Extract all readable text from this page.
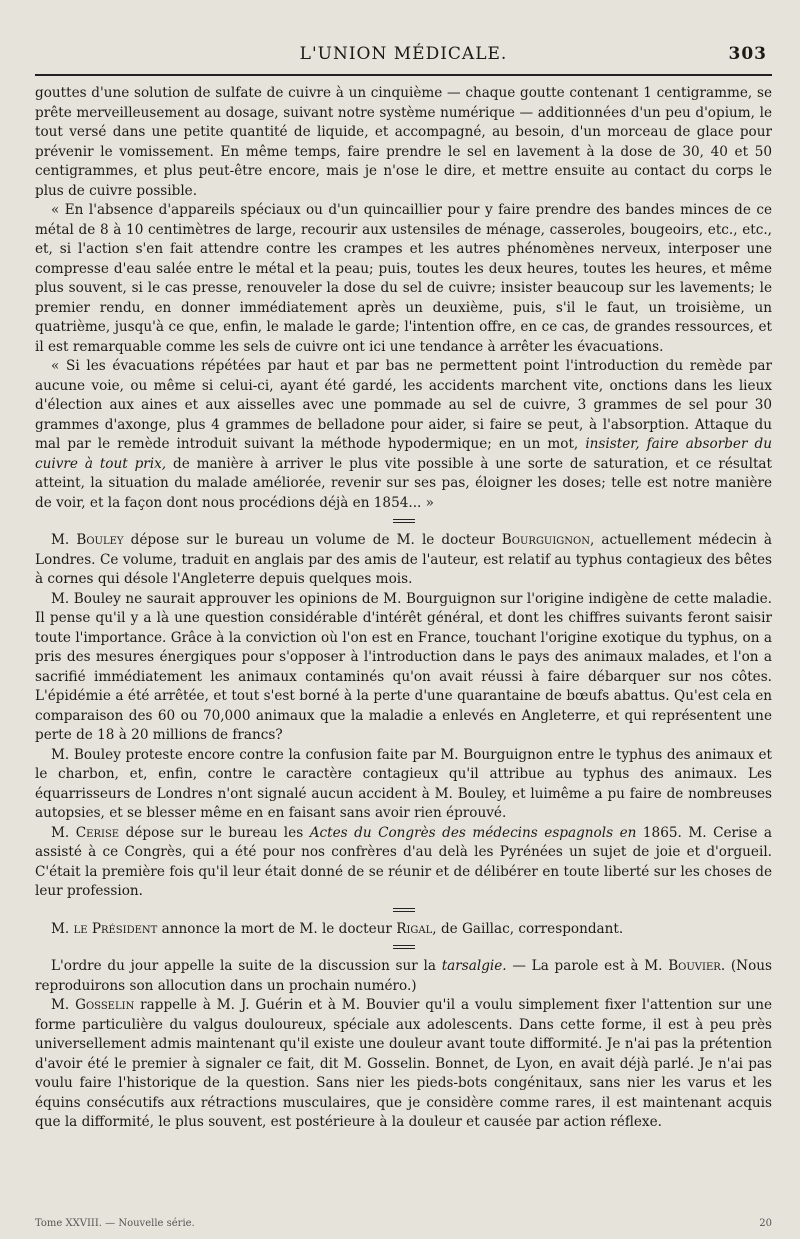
L'UNION MÉDICALE.	303

gouttes d'une solution de sulfate de cuivre à un cinquième — chaque goutte contenant 1 centigramme, se prête merveilleusement au dosage, suivant notre système numérique — additionnées d'un peu d'opium, le tout versé dans une petite quantité de liquide, et accompagné, au besoin, d'un morceau de glace pour prévenir le vomissement. En même temps, faire prendre le sel en lavement à la dose de 30, 40 et 50 centigrammes, et plus peut-être encore, mais je n'ose le dire, et mettre ensuite au contact du corps le plus de cuivre possible.

« En l'absence d'appareils spéciaux ou d'un quincaillier pour y faire prendre des bandes minces de ce métal de 8 à 10 centimètres de large, recourir aux ustensiles de ménage, casseroles, bougeoirs, etc., etc., et, si l'action s'en fait attendre contre les crampes et les autres phénomènes nerveux, interposer une compresse d'eau salée entre le métal et la peau; puis, toutes les deux heures, toutes les heures, et même plus souvent, si le cas presse, renouveler la dose du sel de cuivre; insister beaucoup sur les lavements; le premier rendu, en donner immédiatement après un deuxième, puis, s'il le faut, un troisième, un quatrième, jusqu'à ce que, enfin, le malade le garde; l'intention offre, en ce cas, de grandes ressources, et il est remarquable comme les sels de cuivre ont ici une tendance à arrêter les évacuations.

« Si les évacuations répétées par haut et par bas ne permettent point l'introduction du remède par aucune voie, ou même si celui-ci, ayant été gardé, les accidents marchent vite, onctions dans les lieux d'élection aux aines et aux aisselles avec une pommade au sel de cuivre, 3 grammes de sel pour 30 grammes d'axonge, plus 4 grammes de belladone pour aider, si faire se peut, à l'absorption. Attaque du mal par le remède introduit suivant la méthode hypodermique; en un mot, insister, faire absorber du cuivre à tout prix, de manière à arriver le plus vite possible à une sorte de saturation, et ce résultat atteint, la situation du malade améliorée, revenir sur ses pas, éloigner les doses; telle est notre manière de voir, et la façon dont nous procédions déjà en 1854... »

M. Bouley dépose sur le bureau un volume de M. le docteur Bourguignon, actuellement médecin à Londres. Ce volume, traduit en anglais par des amis de l'auteur, est relatif au typhus contagieux des bêtes à cornes qui désole l'Angleterre depuis quelques mois.

M. Bouley ne saurait approuver les opinions de M. Bourguignon sur l'origine indigène de cette maladie. Il pense qu'il y a là une question considérable d'intérêt général, et dont les chiffres suivants feront saisir toute l'importance. Grâce à la conviction où l'on est en France, touchant l'origine exotique du typhus, on a pris des mesures énergiques pour s'opposer à l'introduction dans le pays des animaux malades, et l'on a sacrifié immédiatement les animaux contaminés qu'on avait réussi à faire débarquer sur nos côtes. L'épidémie a été arrêtée, et tout s'est borné à la perte d'une quarantaine de bœufs abattus. Qu'est cela en comparaison des 60 ou 70,000 animaux que la maladie a enlevés en Angleterre, et qui représentent une perte de 18 à 20 millions de francs?

M. Bouley proteste encore contre la confusion faite par M. Bourguignon entre le typhus des animaux et le charbon, et, enfin, contre le caractère contagieux qu'il attribue au typhus des animaux. Les équarrisseurs de Londres n'ont signalé aucun accident à M. Bouley, et luimême a pu faire de nombreuses autopsies, et se blesser même en en faisant sans avoir rien éprouvé.

M. Cerise dépose sur le bureau les Actes du Congrès des médecins espagnols en 1865. M. Cerise a assisté à ce Congrès, qui a été pour nos confrères d'au delà les Pyrénées un sujet de joie et d'orgueil. C'était la première fois qu'il leur était donné de se réunir et de délibérer en toute liberté sur les choses de leur profession.

M. le Président annonce la mort de M. le docteur Rigal, de Gaillac, correspondant.

L'ordre du jour appelle la suite de la discussion sur la tarsalgie. — La parole est à M. Bouvier. (Nous reproduirons son allocution dans un prochain numéro.)

M. Gosselin rappelle à M. J. Guérin et à M. Bouvier qu'il a voulu simplement fixer l'attention sur une forme particulière du valgus douloureux, spéciale aux adolescents. Dans cette forme, il est à peu près universellement admis maintenant qu'il existe une douleur avant toute difformité. Je n'ai pas la prétention d'avoir été le premier à signaler ce fait, dit M. Gosselin. Bonnet, de Lyon, en avait déjà parlé. Je n'ai pas voulu faire l'historique de la question. Sans nier les pieds-bots congénitaux, sans nier les varus et les équins consécutifs aux rétractions musculaires, que je considère comme rares, il est maintenant acquis que la difformité, le plus souvent, est postérieure à la douleur et causée par action réflexe.

Tome XXVIII. — Nouvelle série.	20
